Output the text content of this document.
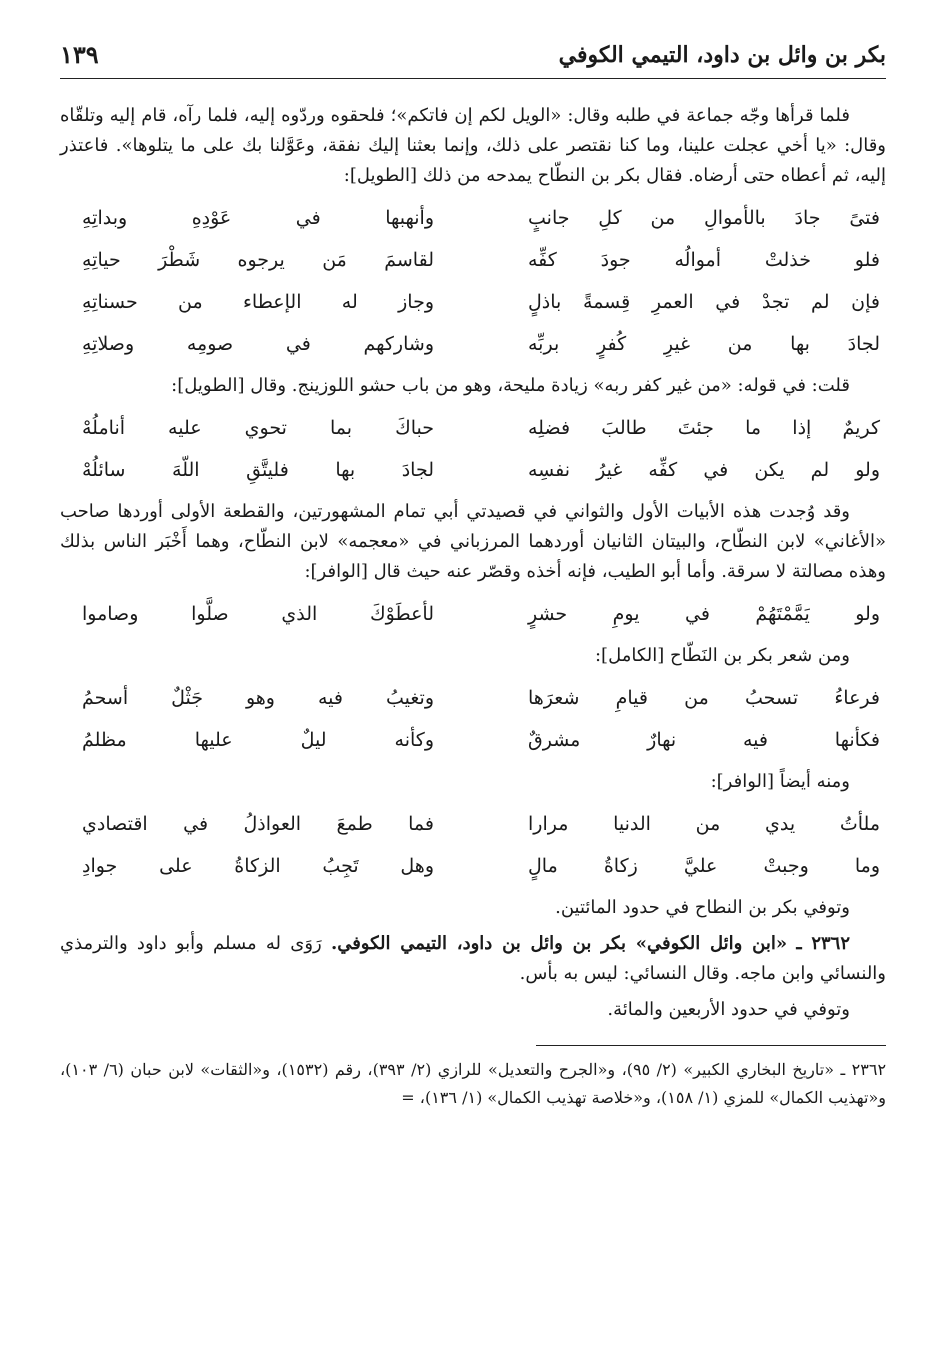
بكر بن وائل بن داود، التيمي الكوفي
١٣٩

فلما قرأها وجّه جماعة في طلبه وقال: «الويل لكم إن فاتكم»؛ فلحقوه وردّوه إليه، فلما رآه، قام إليه وتلقّاه وقال: «يا أخي عجلت علينا، وما كنا نقتصر على ذلك، وإنما بعثنا إليك نفقة، وعَوَّلنا بك على ما يتلوها». فاعتذر إليه، ثم أعطاه حتى أرضاه. فقال بكر بن النطّاح يمدحه من ذلك [الطويل]:

فتىً جادَ بالأموالِ من كلِ جانبٍ
وأنهبها في عَوْدِهِ وبداتِهِ
فلو خذلتْ أموالُه جودَ كفِّه
لقاسمَ مَن يرجوه شَطْرَ حياتِهِ
فإن لم تجدْ في العمرِ قِسمةً باذلٍ
وجاز له الإعطاء من حسناتِهِ
لجادَ بها من غيرِ كُفرٍ بربِّه
وشاركهم في صومِه وصلاتِهِ

قلت: في قوله: «من غير كفر ربه» زيادة مليحة، وهو من باب حشو اللوزينج. وقال [الطويل]:

كريمٌ إذا ما جئتَ طالبَ فضلِه
حباكَ بما تحوي عليه أناملُهْ
ولو لم يكن في كفِّه غيرُ نفسِه
لجادَ بها فليتَّقِ اللّهَ سائلُهْ

وقد وُجدت هذه الأبيات الأول والثواني في قصيدتي أبي تمام المشهورتين، والقطعة الأولى أوردها صاحب «الأغاني» لابن النطّاح، والبيتان الثانيان أوردهما المرزباني في «معجمه» لابن النطّاح، وهما أَخْبَر الناس بذلك وهذه مصالتة لا سرقة. وأما أبو الطيب، فإنه أخذه وقصّر عنه حيث قال [الوافر]:

ولو يَمَّمْتَهُمْ في يومِ حشرٍ
لأعطَوْكَ الذي صلَّوا وصاموا

ومن شعر بكر بن النَطّاح [الكامل]:

فرعاءُ تسحبُ من قيامِ شعرَها
وتغيبُ فيه وهو جَثْلٌ أسحمُ
فكأنها فيه نهارٌ مشرقٌ
وكأنه ليلٌ عليها مظلمُ

ومنه أيضاً [الوافر]:

ملأتُ يدي من الدنيا مرارا
فما طمعَ العواذلُ في اقتصادي
وما وجبتْ عليَّ زكاةُ مالٍ
وهل تَجِبُ الزكاةُ على جوادِ

وتوفي بكر بن النطاح في حدود المائتين.

٢٣٦٢ ـ «ابن وائل الكوفي» بكر بن وائل بن داود، التيمي الكوفي. رَوَى له مسلم وأبو داود والترمذي والنسائي وابن ماجه. وقال النسائي: ليس به بأس.

وتوفي في حدود الأربعين والمائة.

٢٣٦٢ ـ «تاريخ البخاري الكبير» (٢/ ٩٥)، و«الجرح والتعديل» للرازي (٢/ ٣٩٣)، رقم (١٥٣٢)، و«الثقات» لابن حبان (٦/ ١٠٣)، و«تهذيب الكمال» للمزي (١/ ١٥٨)، و«خلاصة تهذيب الكمال» (١/ ١٣٦)، =
